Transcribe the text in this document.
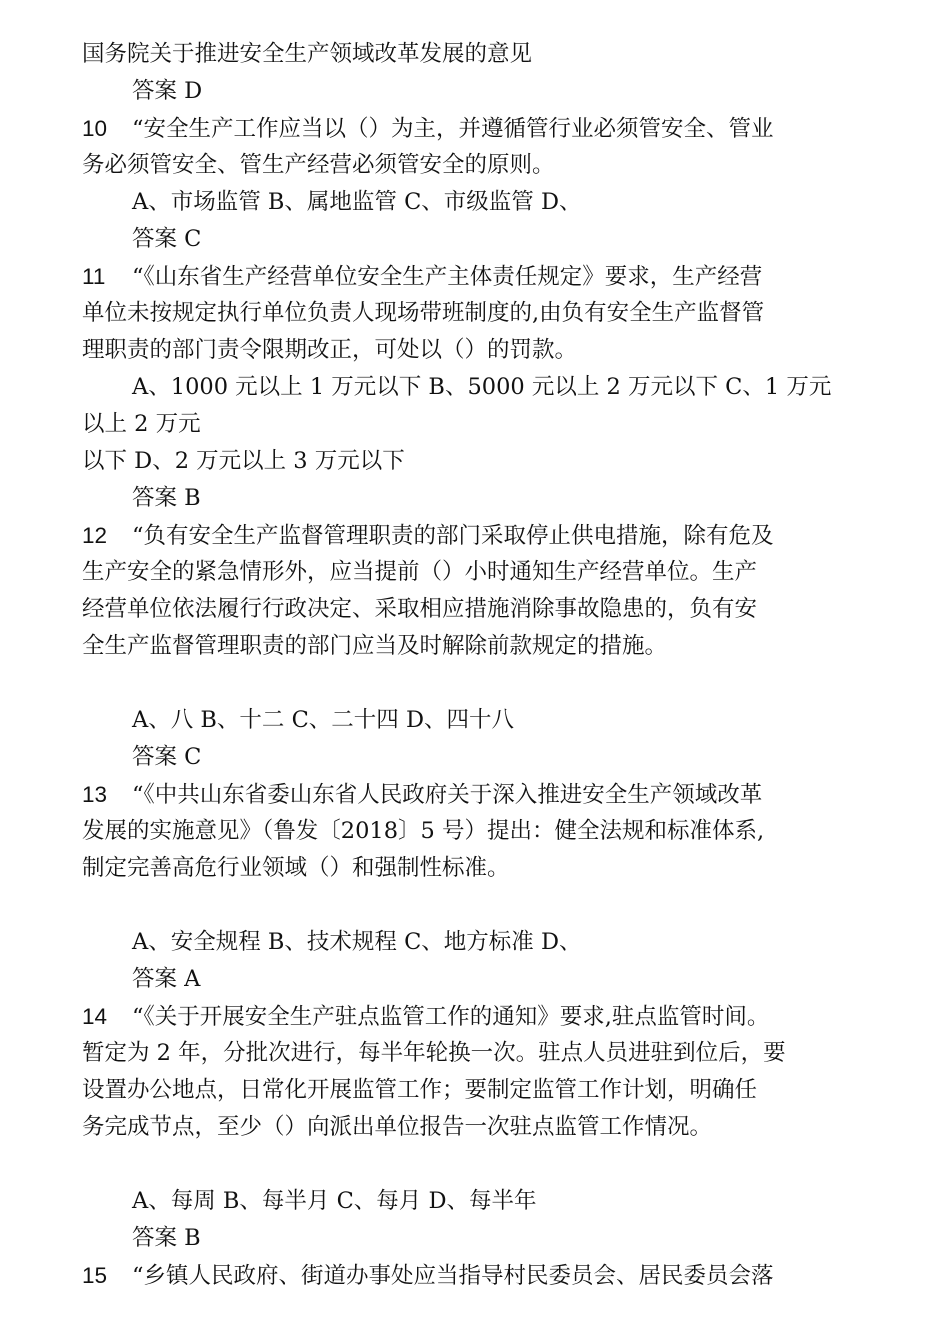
国务院关于推进安全生产领域改革发展的意见
答案 D
10 “安全生产工作应当以（）为主，并遵循管行业必须管安全、管业
务必须管安全、管生产经营必须管安全的原则。
A、市场监管 B、属地监管 C、市级监管 D、
答案 C
11 “《山东省生产经营单位安全生产主体责任规定》要求，生产经营
单位未按规定执行单位负责人现场带班制度的,由负有安全生产监督管
理职责的部门责令限期改正，可处以（）的罚款。
A、1000 元以上 1 万元以下 B、5000 元以上 2 万元以下 C、1 万元
以上 2 万元
以下 D、2 万元以上 3 万元以下
答案 B
12 “负有安全生产监督管理职责的部门采取停止供电措施，除有危及
生产安全的紧急情形外，应当提前（）小时通知生产经营单位。生产
经营单位依法履行行政决定、采取相应措施消除事故隐患的，负有安
全生产监督管理职责的部门应当及时解除前款规定的措施。
A、八 B、十二 C、二十四 D、四十八
答案 C
13 “《中共山东省委山东省人民政府关于深入推进安全生产领域改革
发展的实施意见》（鲁发〔2018〕5 号）提出：健全法规和标准体系,
制定完善高危行业领域（）和强制性标准。
A、安全规程 B、技术规程 C、地方标准 D、
答案 A
14 “《关于开展安全生产驻点监管工作的通知》要求,驻点监管时间。
暂定为 2 年，分批次进行，每半年轮换一次。驻点人员进驻到位后，要
设置办公地点，日常化开展监管工作；要制定监管工作计划，明确任
务完成节点，至少（）向派出单位报告一次驻点监管工作情况。
A、每周 B、每半月 C、每月 D、每半年
答案 B
15 “乡镇人民政府、街道办事处应当指导村民委员会、居民委员会落
